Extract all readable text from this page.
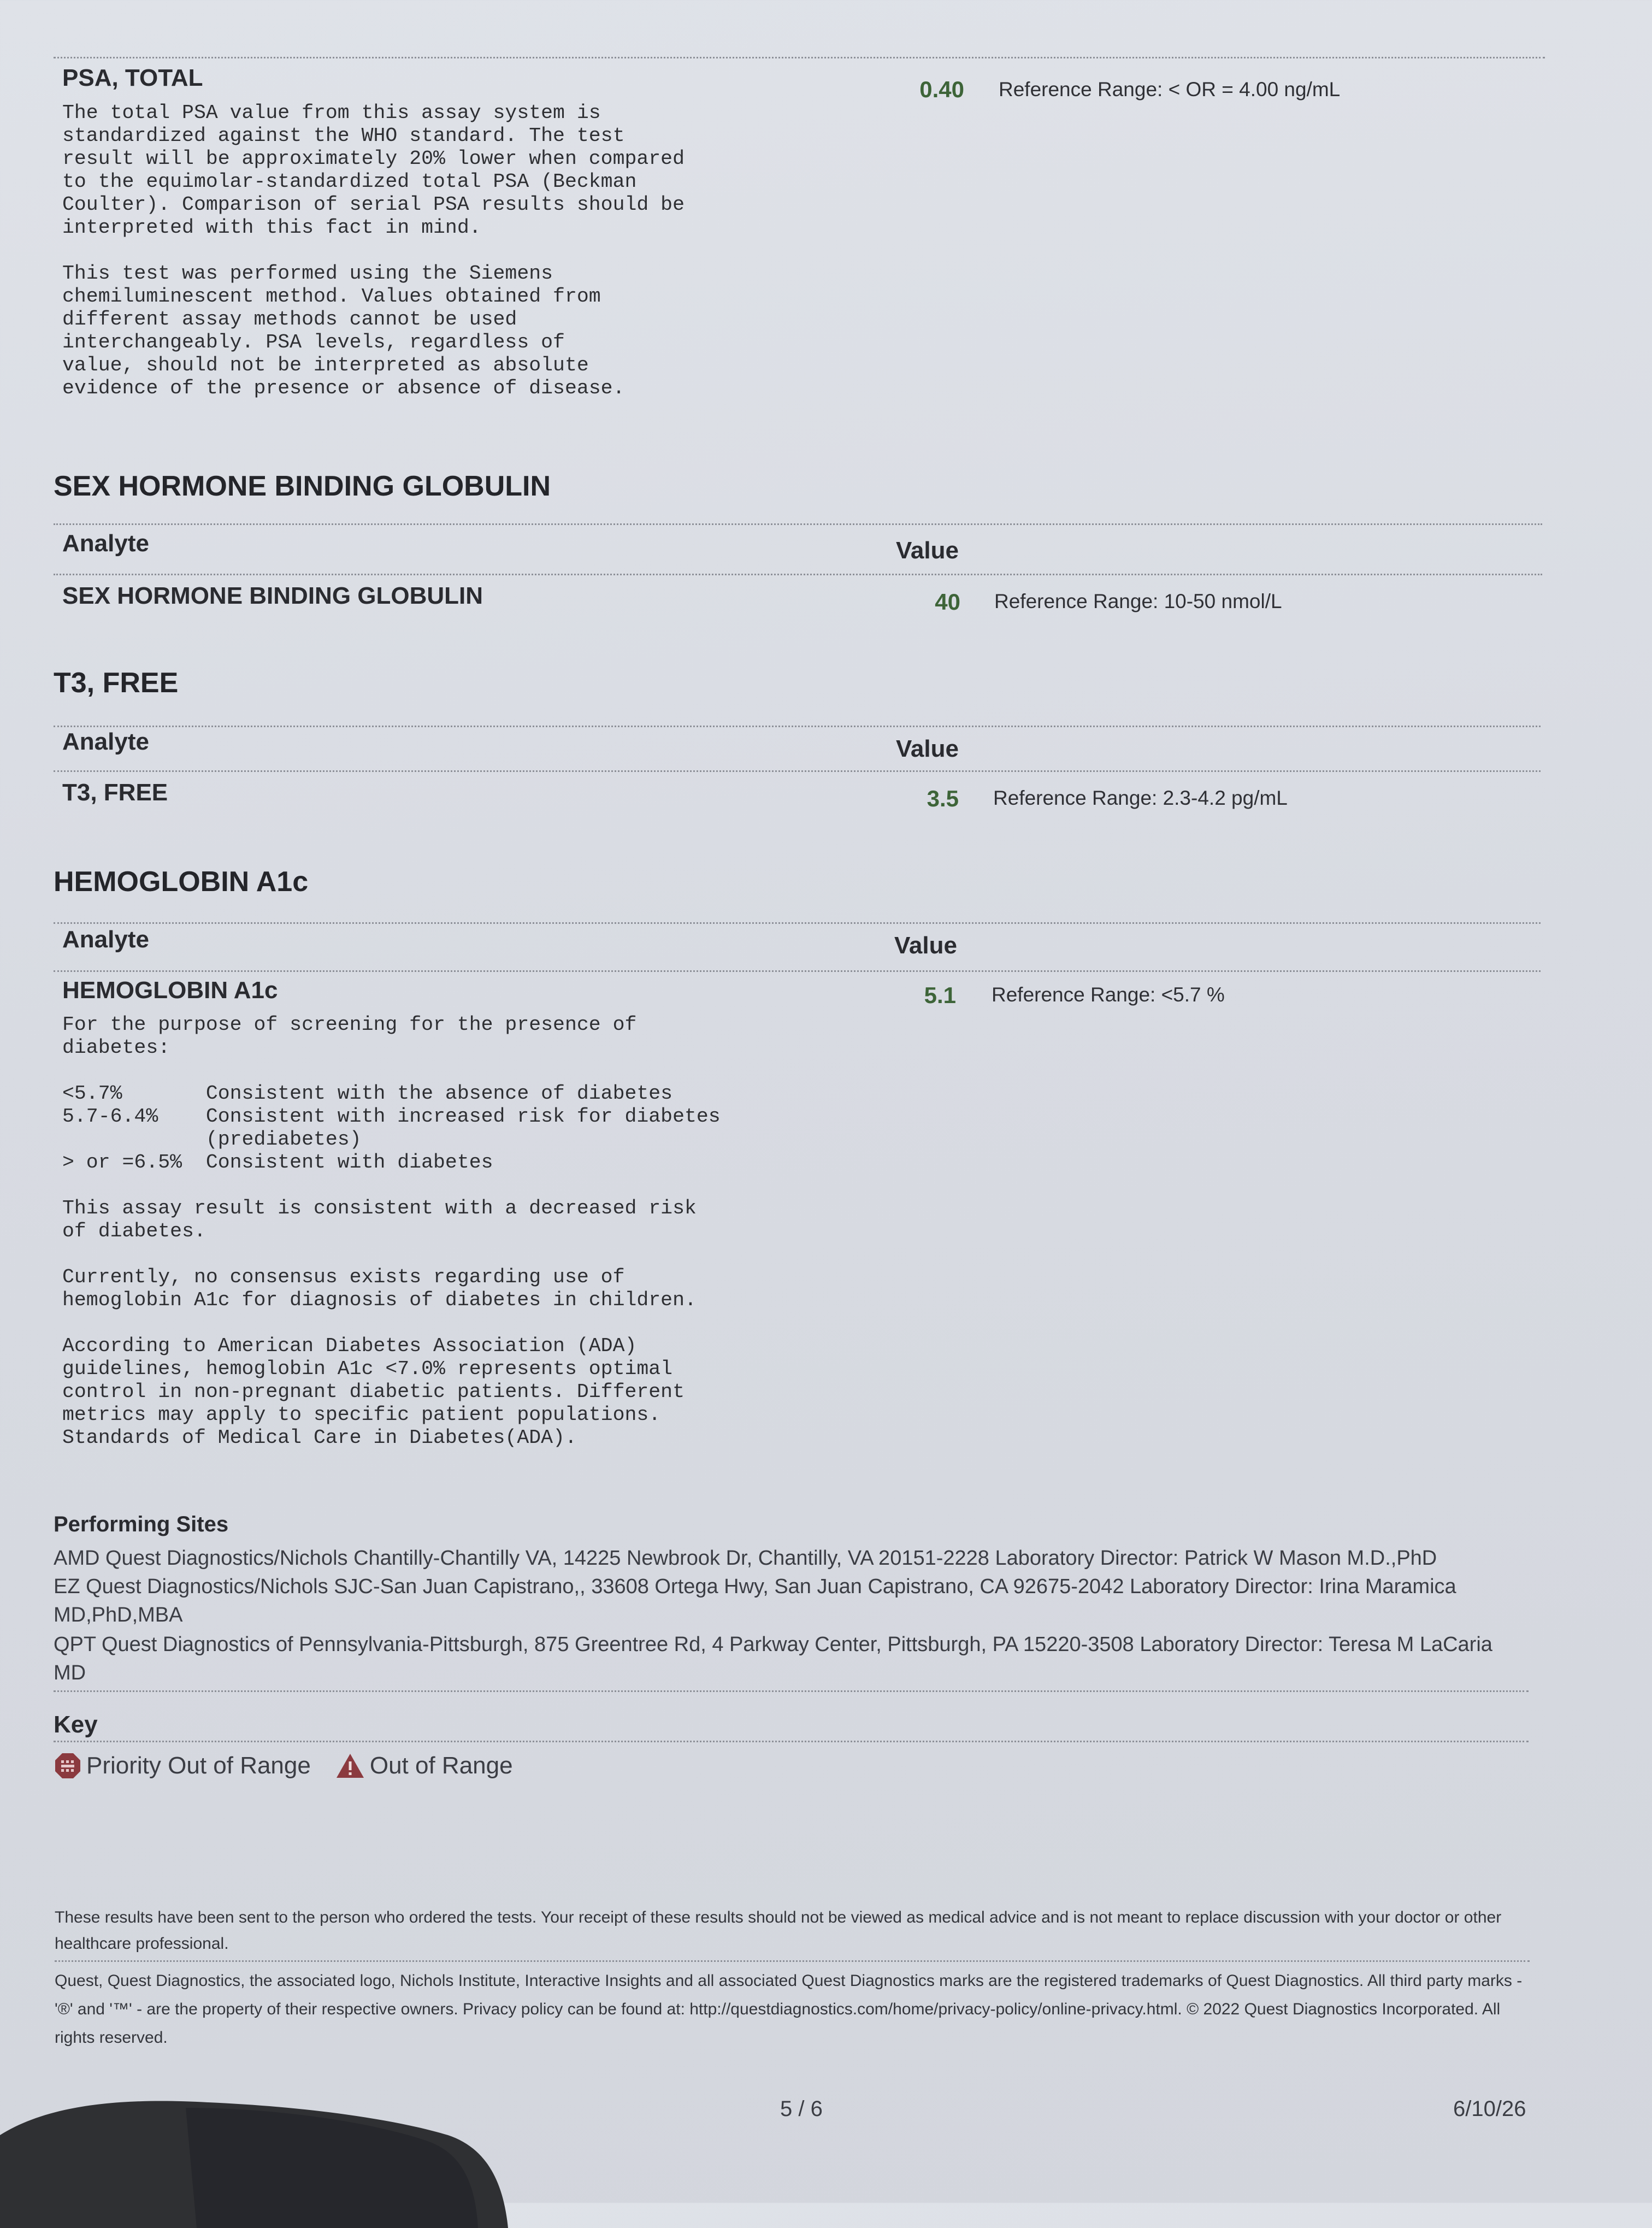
PSA, TOTAL	0.40 Reference Range: < OR = 4.00 ng/mL
The total PSA value from this assay system is
standardized against the WHO standard. The test
result will be approximately 20% lower when compared
to the equimolar-standardized total PSA (Beckman
Coulter). Comparison of serial PSA results should be
interpreted with this fact in mind.

This test was performed using the Siemens
chemiluminescent method. Values obtained from
different assay methods cannot be used
interchangeably. PSA levels, regardless of
value, should not be interpreted as absolute
evidence of the presence or absence of disease.
SEX HORMONE BINDING GLOBULIN
Analyte	Value
SEX HORMONE BINDING GLOBULIN	40 Reference Range: 10-50 nmol/L
T3, FREE
Analyte	Value
T3, FREE	3.5 Reference Range: 2.3-4.2 pg/mL
HEMOGLOBIN A1c
Analyte	Value
HEMOGLOBIN A1c	5.1 Reference Range: <5.7 %
For the purpose of screening for the presence of
diabetes:

<5.7%       Consistent with the absence of diabetes
5.7-6.4%    Consistent with increased risk for diabetes
(prediabetes)
> or =6.5%  Consistent with diabetes

This assay result is consistent with a decreased risk
of diabetes.

Currently, no consensus exists regarding use of
hemoglobin A1c for diagnosis of diabetes in children.

According to American Diabetes Association (ADA)
guidelines, hemoglobin A1c <7.0% represents optimal
control in non-pregnant diabetic patients. Different
metrics may apply to specific patient populations.
Standards of Medical Care in Diabetes(ADA).
Performing Sites

AMD Quest Diagnostics/Nichols Chantilly-Chantilly VA, 14225 Newbrook Dr, Chantilly, VA 20151-2228 Laboratory Director: Patrick W Mason M.D.,PhD

EZ Quest Diagnostics/Nichols SJC-San Juan Capistrano,, 33608 Ortega Hwy, San Juan Capistrano, CA 92675-2042 Laboratory Director: Irina Maramica MD,PhD,MBA

QPT Quest Diagnostics of Pennsylvania-Pittsburgh, 875 Greentree Rd, 4 Parkway Center, Pittsburgh, PA 15220-3508 Laboratory Director: Teresa M LaCaria MD

Key
Priority Out of Range Out of Range

These results have been sent to the person who ordered the tests. Your receipt of these results should not be viewed as medical advice and is not meant to replace discussion with your doctor or other healthcare professional.

Quest, Quest Diagnostics, the associated logo, Nichols Institute, Interactive Insights and all associated Quest Diagnostics marks are the registered trademarks of Quest Diagnostics. All third party marks - '®' and '™' - are the property of their respective owners. Privacy policy can be found at: http://questdiagnostics.com/home/privacy-policy/online-privacy.html. © 2022 Quest Diagnostics Incorporated. All rights reserved.

5 / 6	6/10/26
